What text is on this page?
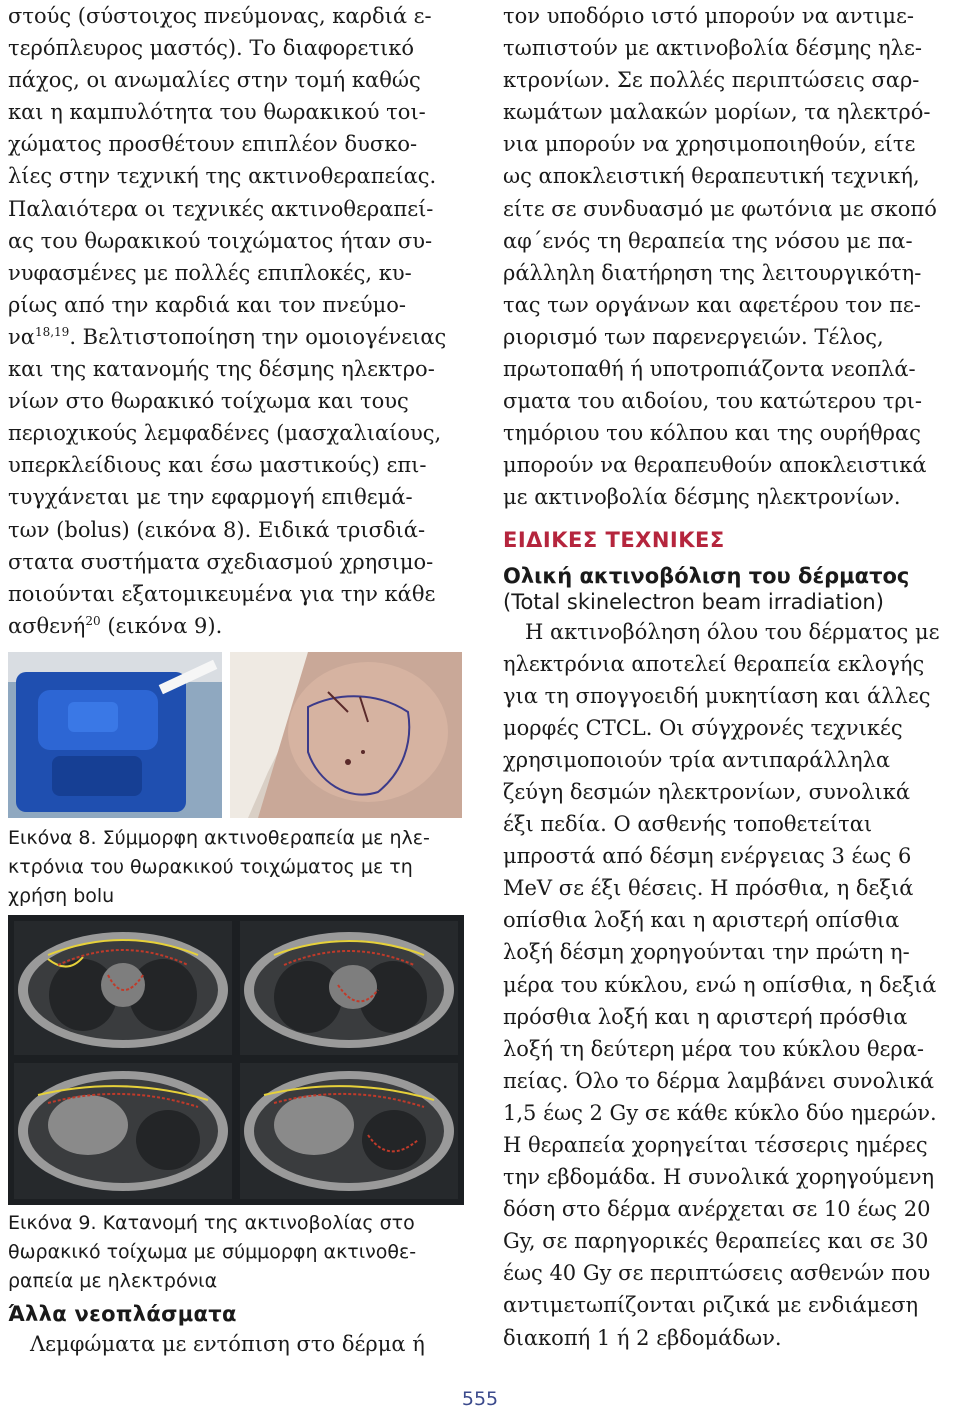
στούς (σύστοιχος πνεύμονας, καρδιά ε-
τερόπλευρος μαστός). Το διαφορετικό
πάχος, οι ανωμαλίες στην τομή καθώς
και η καμπυλότητα του θωρακικού τοι-
χώματος προσθέτουν επιπλέον δυσκο-
λίες στην τεχνική της ακτινοθεραπείας.
Παλαιότερα οι τεχνικές ακτινοθεραπεί-
ας του θωρακικού τοιχώματος ήταν συ-
νυφασμένες με πολλές επιπλοκές, κυ-
ρίως από την καρδιά και τον πνεύμο-
να$^{18,19}$. Βελτιστοποίηση την ομοιογένειας
και της κατανομής της δέσμης ηλεκτρο-
νίων στο θωρακικό τοίχωμα και τους
περιοχικούς λεμφαδένες (μασχαλιαίους,
υπερκλείδιους και έσω μαστικούς) επι-
τυγχάνεται με την εφαρμογή επιθεμά-
των (bolus) (εικόνα 8). Ειδικά τρισδιά-
στατα συστήματα σχεδιασμού χρησιμο-
ποιούνται εξατομικευμένα για την κάθε
ασθενή$^{20}$ (εικόνα 9).

Εικόνα 8. Σύμμορφη ακτινοθεραπεία με ηλε-
κτρόνια του θωρακικού τοιχώματος με τη
χρήση bolu

Εικόνα 9. Κατανομή της ακτινοβολίας στο
θωρακικό τοίχωμα με σύμμορφη ακτινοθε-
ραπεία με ηλεκτρόνια

Άλλα νεοπλάσματα

Λεμφώματα με εντόπιση στο δέρμα ή

τον υποδόριο ιστό μπορούν να αντιμε-
τωπιστούν με ακτινοβολία δέσμης ηλε-
κτρονίων. Σε πολλές περιπτώσεις σαρ-
κωμάτων μαλακών μορίων, τα ηλεκτρό-
νια μπορούν να χρησιμοποιηθούν, είτε
ως αποκλειστική θεραπευτική τεχνική,
είτε σε συνδυασμό με φωτόνια με σκοπό
αφ΄ενός τη θεραπεία της νόσου με πα-
ράλληλη διατήρηση της λειτουργικότη-
τας των οργάνων και αφετέρου τον πε-
ριορισμό των παρενεργειών. Τέλος,
πρωτοπαθή ή υποτροπιάζοντα νεοπλά-
σματα του αιδοίου, του κατώτερου τρι-
τημόριου του κόλπου και της ουρήθρας
μπορούν να θεραπευθούν αποκλειστικά
με ακτινοβολία δέσμης ηλεκτρονίων.

ΕΙΔΙΚΕΣ ΤΕΧΝΙΚΕΣ

Ολική ακτινοβόλιση του δέρματος

(Total skinelectron beam irradiation)

Η ακτινοβόληση όλου του δέρματος με
ηλεκτρόνια αποτελεί θεραπεία εκλογής
για τη σπογγοειδή μυκητίαση και άλλες
μορφές CTCL. Οι σύγχρονές τεχνικές
χρησιμοποιούν τρία αντιπαράλληλα
ζεύγη δεσμών ηλεκτρονίων, συνολικά
έξι πεδία. Ο ασθενής τοποθετείται
μπροστά από δέσμη ενέργειας 3 έως 6
MeV σε έξι θέσεις. Η πρόσθια, η δεξιά
οπίσθια λοξή και η αριστερή οπίσθια
λοξή δέσμη χορηγούνται την πρώτη η-
μέρα του κύκλου, ενώ η οπίσθια, η δεξιά
πρόσθια λοξή και η αριστερή πρόσθια
λοξή τη δεύτερη μέρα του κύκλου θερα-
πείας. Όλο το δέρμα λαμβάνει συνολικά
1,5 έως 2 Gy σε κάθε κύκλο δύο ημερών.
Η θεραπεία χορηγείται τέσσερις ημέρες
την εβδομάδα. Η συνολικά χορηγούμενη
δόση στο δέρμα ανέρχεται σε 10 έως 20
Gy, σε παρηγορικές θεραπείες και σε 30
έως 40 Gy σε περιπτώσεις ασθενών που
αντιμετωπίζονται ριζικά με ενδιάμεση
διακοπή 1 ή 2 εβδομάδων.

555
